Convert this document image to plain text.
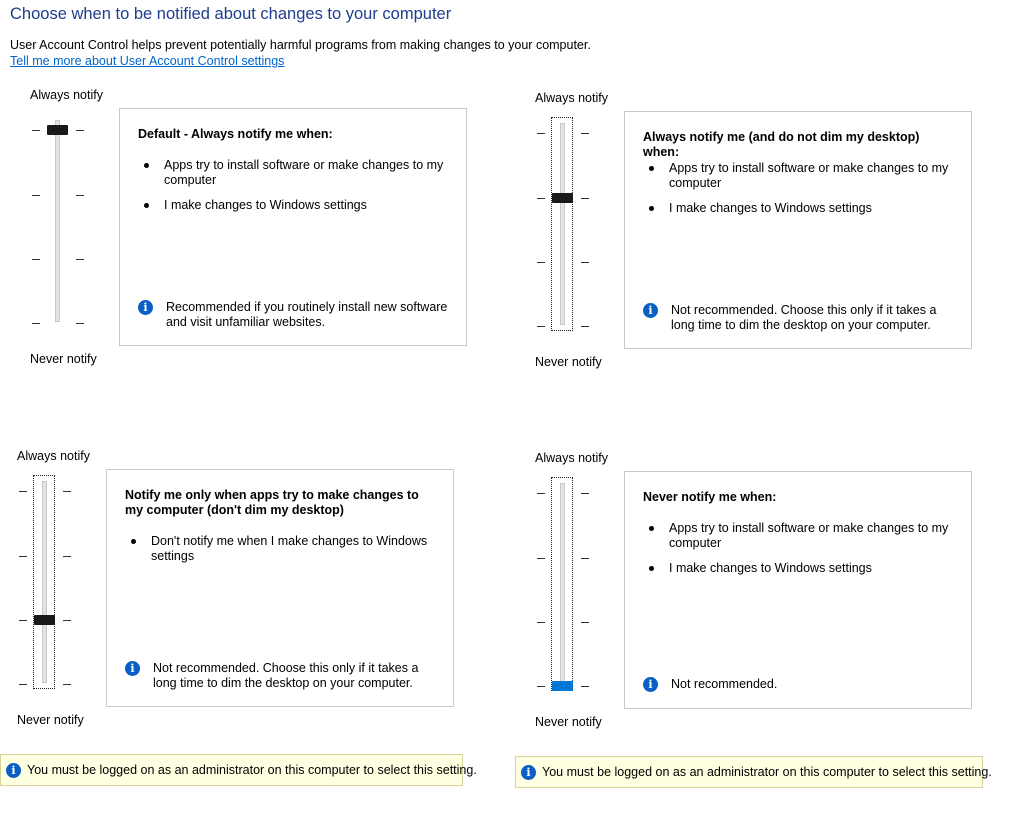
Choose when to be notified about changes to your computer
User Account Control helps prevent potentially harmful programs from making changes to your computer.
Tell me more about User Account Control settings
Always notify
Never notify
Default - Always notify me when:
Apps try to install software or make changes to my computer
I make changes to Windows settings
i	Recommended if you routinely install new software and visit unfamiliar websites.
Always notify
Never notify
Always notify me (and do not dim my desktop) when:
Apps try to install software or make changes to my computer
I make changes to Windows settings
i	Not recommended. Choose this only if it takes a long time to dim the desktop on your computer.
Always notify
Never notify
Notify me only when apps try to make changes to my computer (don't dim my desktop)
Don't notify me when I make changes to Windows settings
i	Not recommended. Choose this only if it takes a long time to dim the desktop on your computer.
Always notify
Never notify
Never notify me when:
Apps try to install software or make changes to my computer
I make changes to Windows settings
i	Not recommended.
i You must be logged on as an administrator on this computer to select this setting.	i You must be logged on as an administrator on this computer to select this setting.
